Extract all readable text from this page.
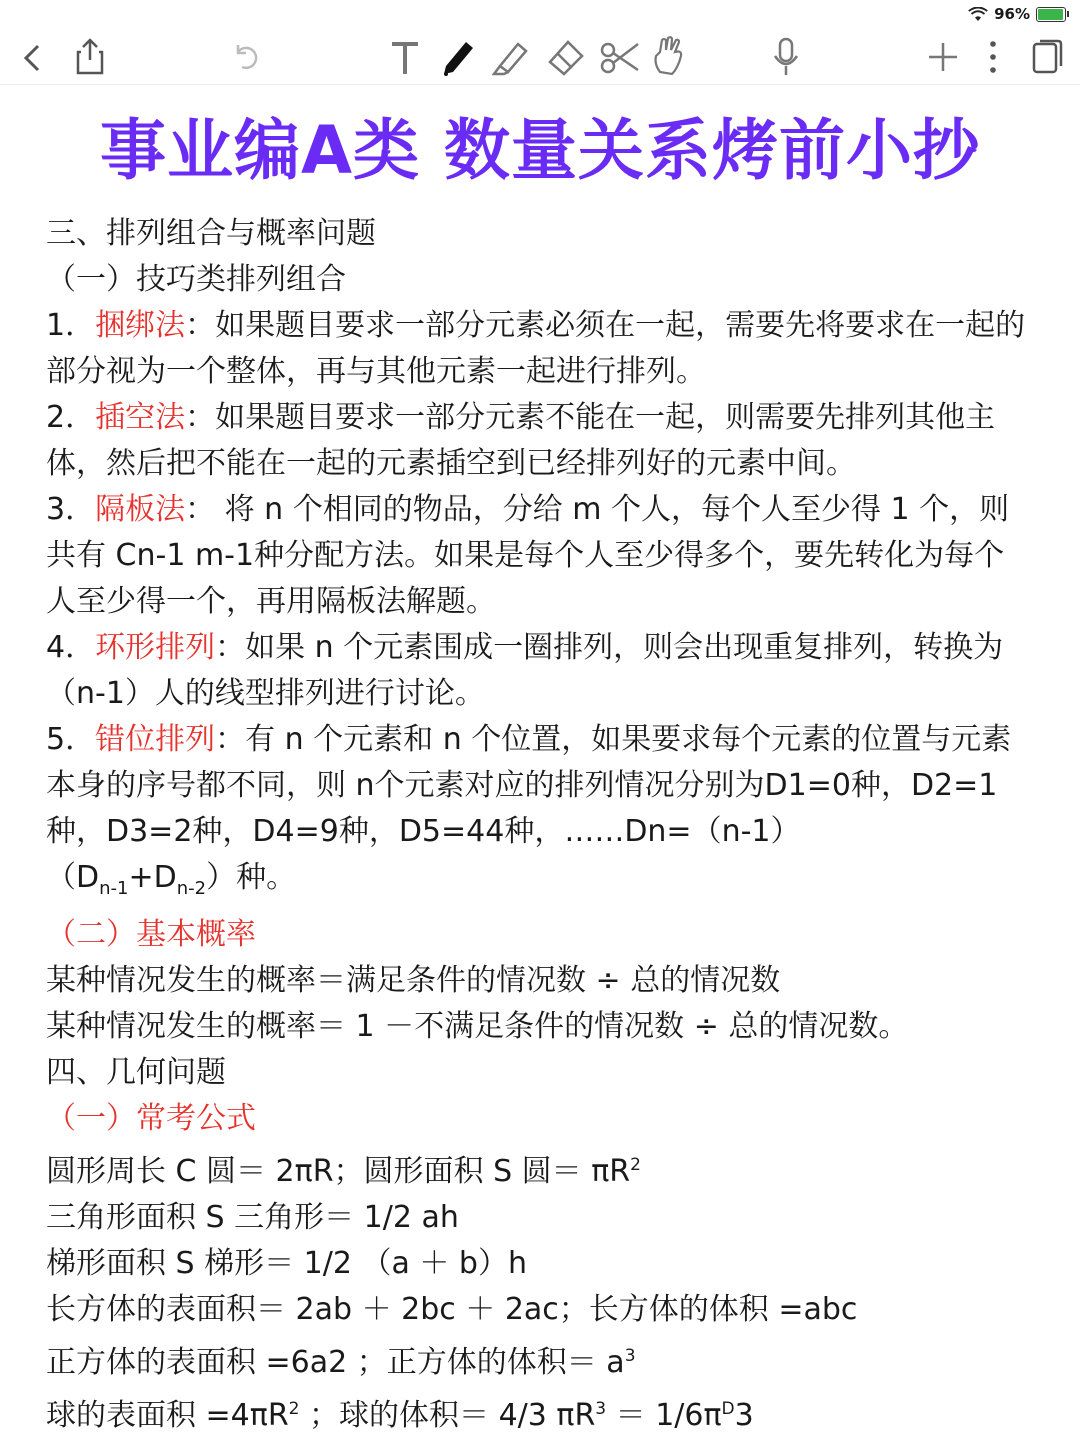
96%
事业编A类 数量关系烤前小抄

三、排列组合与概率问题

（一）技巧类排列组合

1．捆绑法：如果题目要求一部分元素必须在一起，需要先将要求在一起的部分视为一个整体，再与其他元素一起进行排列。

2．插空法：如果题目要求一部分元素不能在一起，则需要先排列其他主体，然后把不能在一起的元素插空到已经排列好的元素中间。

3．隔板法： 将 n 个相同的物品，分给 m 个人，每个人至少得 1 个，则共有 Cn-1 m-1种分配方法。如果是每个人至少得多个，要先转化为每个人至少得一个，再用隔板法解题。

4．环形排列：如果 n 个元素围成一圈排列，则会出现重复排列，转换为（n-1）人的线型排列进行讨论。

5．错位排列：有 n 个元素和 n 个位置，如果要求每个元素的位置与元素本身的序号都不同，则 n个元素对应的排列情况分别为D1=0种，D2=1种，D3=2种，D4=9种，D5=44种，……Dn=（n-1）

$(D_{n-1}+D_{n-2})$种。

（二）基本概率

某种情况发生的概率＝满足条件的情况数 ÷ 总的情况数

某种情况发生的概率＝ 1 －不满足条件的情况数 ÷ 总的情况数。

四、几何问题

（一）常考公式

圆形周长 C 圆＝ 2πR；圆形面积 S 圆＝ $\pi R^2$

三角形面积 S 三角形＝ 1/2 ah

梯形面积 S 梯形＝ 1/2 （a ＋ b）h

长方体的表面积＝ 2ab ＋ 2bc ＋ 2ac；长方体的体积 =abc

正方体的表面积 =6a2 ；正方体的体积＝ $a^3$

球的表面积 $=4\pi R^2$ ；球的体积＝ 4/3 $\pi R^3 = 1/6\pi^D3$
